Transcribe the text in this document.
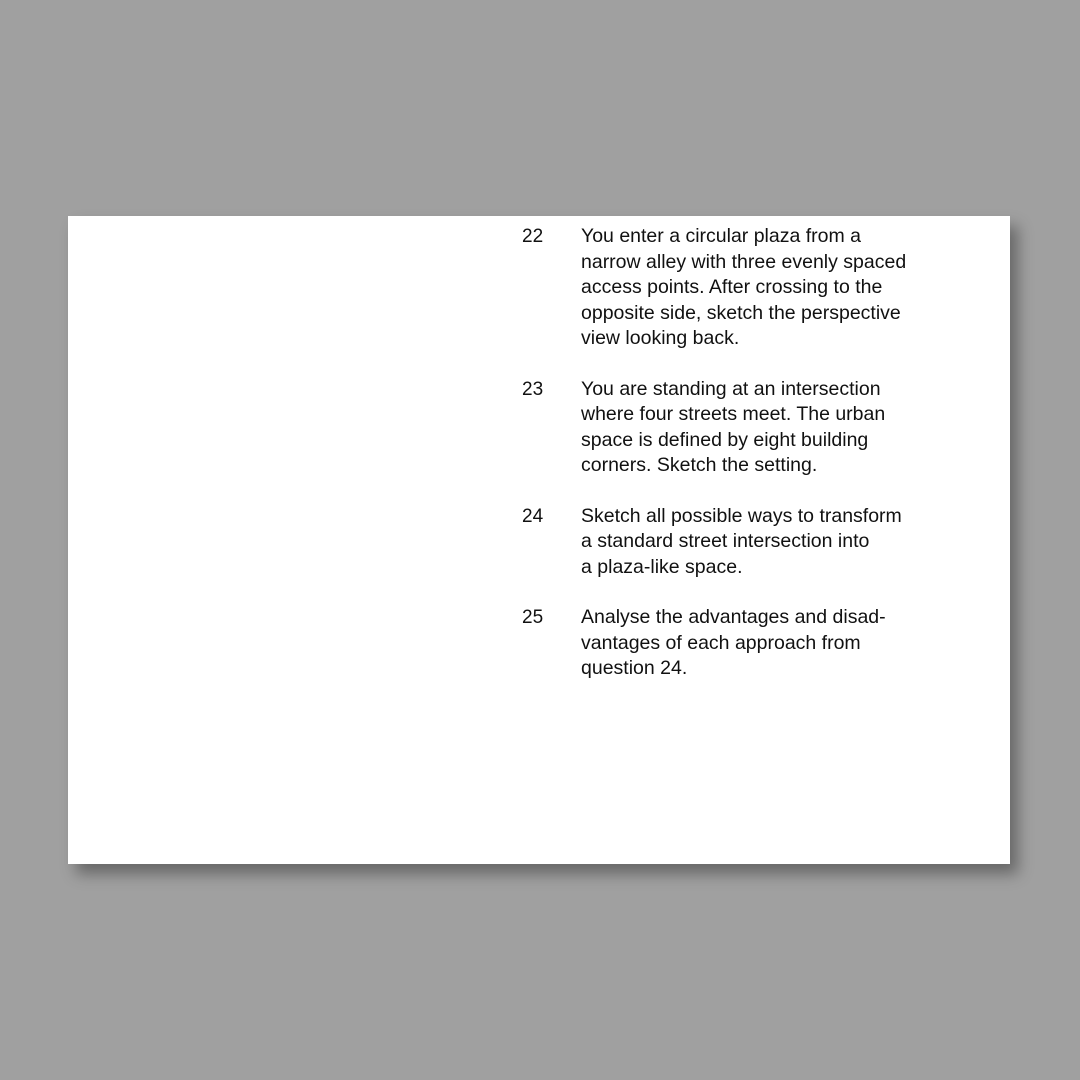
22	You enter a circular plaza from a
narrow alley with three evenly spaced
access points. After crossing to the
opposite side, sketch the perspective
view looking back.
23	You are standing at an intersection
where four streets meet. The urban
space is defined by eight building
corners. Sketch the setting.
24	Sketch all possible ways to transform
a standard street intersection into
a plaza-like space.
25	Analyse the advantages and disad-
vantages of each approach from
question 24.
